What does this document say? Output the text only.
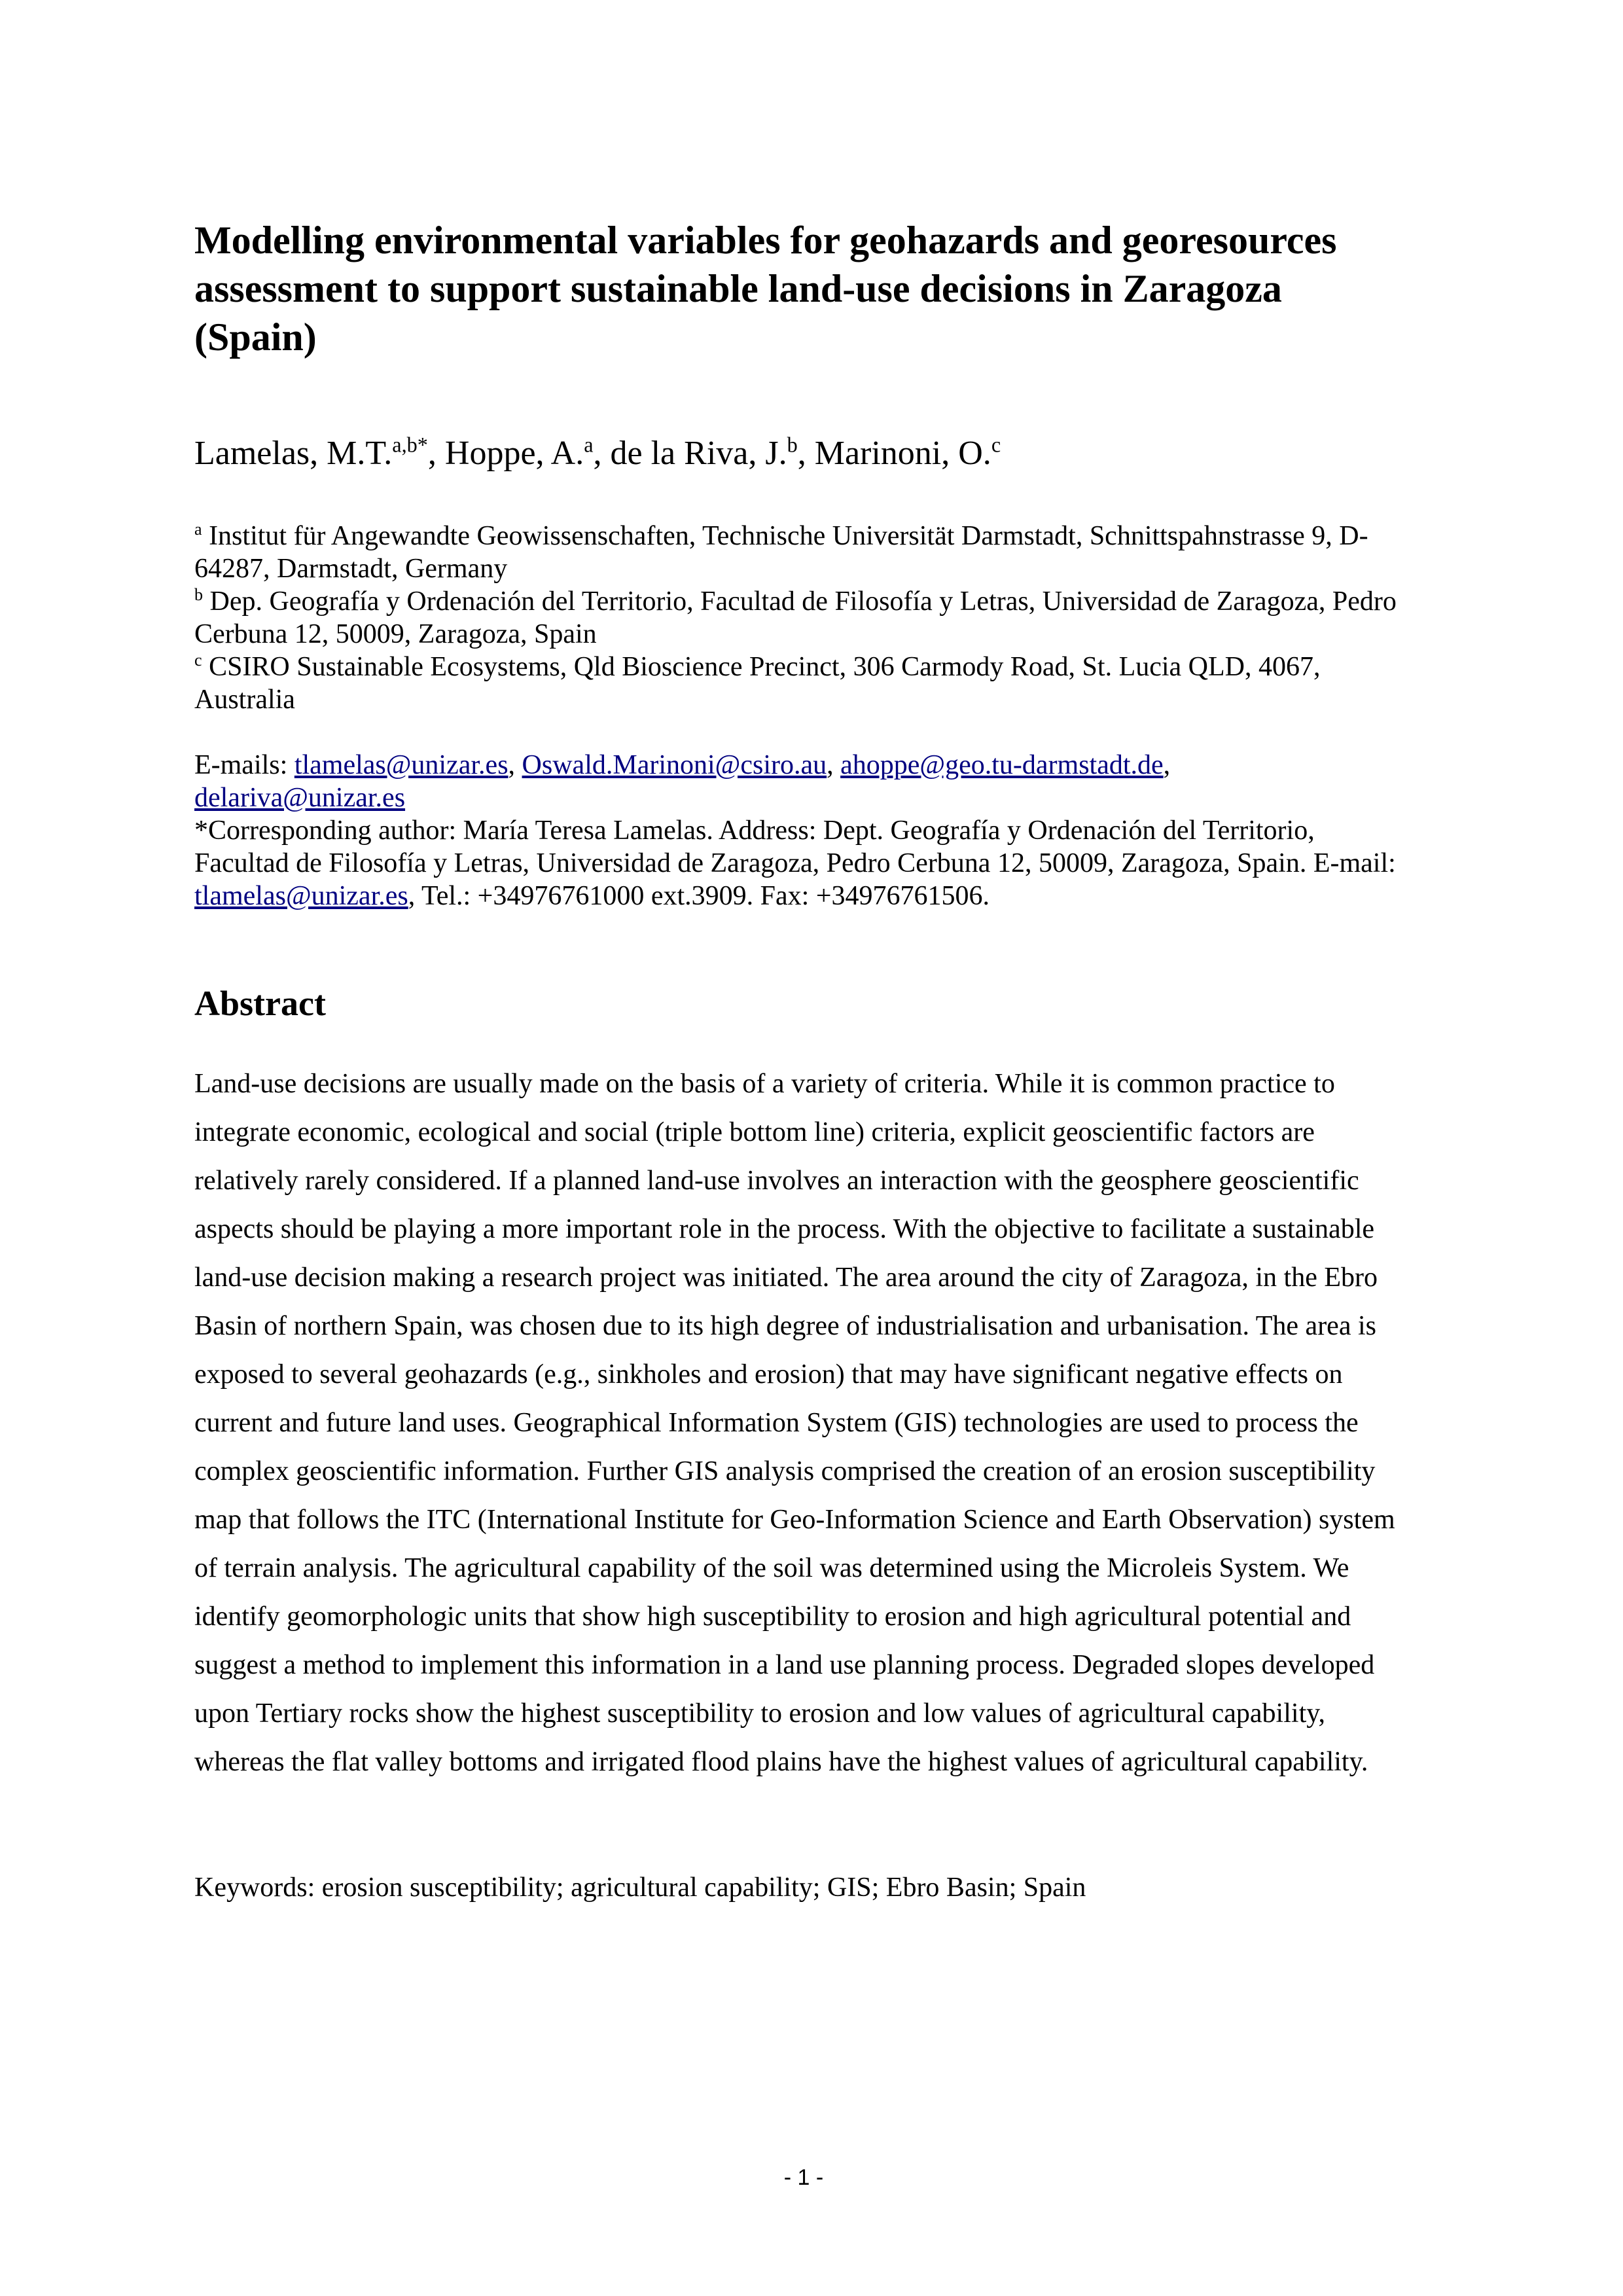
Modelling environmental variables for geohazards and georesources
assessment to support sustainable land-use decisions in Zaragoza
(Spain)

Lamelas, M.T.$^{a,b*}$, Hoppe, A.$^a$, de la Riva, J.$^b$, Marinoni, O.$^c$

$^a$ Institut für Angewandte Geowissenschaften, Technische Universität Darmstadt, Schnittspahnstrasse 9, D-64287, Darmstadt, Germany

$^b$ Dep. Geografía y Ordenación del Territorio, Facultad de Filosofía y Letras, Universidad de Zaragoza, Pedro Cerbuna 12, 50009, Zaragoza, Spain

$^c$ CSIRO Sustainable Ecosystems, Qld Bioscience Precinct, 306 Carmody Road, St. Lucia QLD, 4067, Australia

E-mails: tlamelas@unizar.es, Oswald.Marinoni@csiro.au, ahoppe@geo.tu-darmstadt.de,
delariva@unizar.es

*Corresponding author: María Teresa Lamelas. Address: Dept. Geografía y Ordenación del Territorio, Facultad de Filosofía y Letras, Universidad de Zaragoza, Pedro Cerbuna 12, 50009, Zaragoza, Spain. E-mail: tlamelas@unizar.es, Tel.: +34976761000 ext.3909. Fax: +34976761506.

Abstract

Land-use decisions are usually made on the basis of a variety of criteria. While it is common practice to integrate economic, ecological and social (triple bottom line) criteria, explicit geoscientific factors are relatively rarely considered. If a planned land-use involves an interaction with the geosphere geoscientific aspects should be playing a more important role in the process. With the objective to facilitate a sustainable land-use decision making a research project was initiated. The area around the city of Zaragoza, in the Ebro Basin of northern Spain, was chosen due to its high degree of industrialisation and urbanisation. The area is exposed to several geohazards (e.g., sinkholes and erosion) that may have significant negative effects on current and future land uses. Geographical Information System (GIS) technologies are used to process the complex geoscientific information. Further GIS analysis comprised the creation of an erosion susceptibility map that follows the ITC (International Institute for Geo-Information Science and Earth Observation) system of terrain analysis. The agricultural capability of the soil was determined using the Microleis System. We identify geomorphologic units that show high susceptibility to erosion and high agricultural potential and suggest a method to implement this information in a land use planning process. Degraded slopes developed upon Tertiary rocks show the highest susceptibility to erosion and low values of agricultural capability, whereas the flat valley bottoms and irrigated flood plains have the highest values of agricultural capability.

Keywords: erosion susceptibility; agricultural capability; GIS; Ebro Basin; Spain

- 1 -
